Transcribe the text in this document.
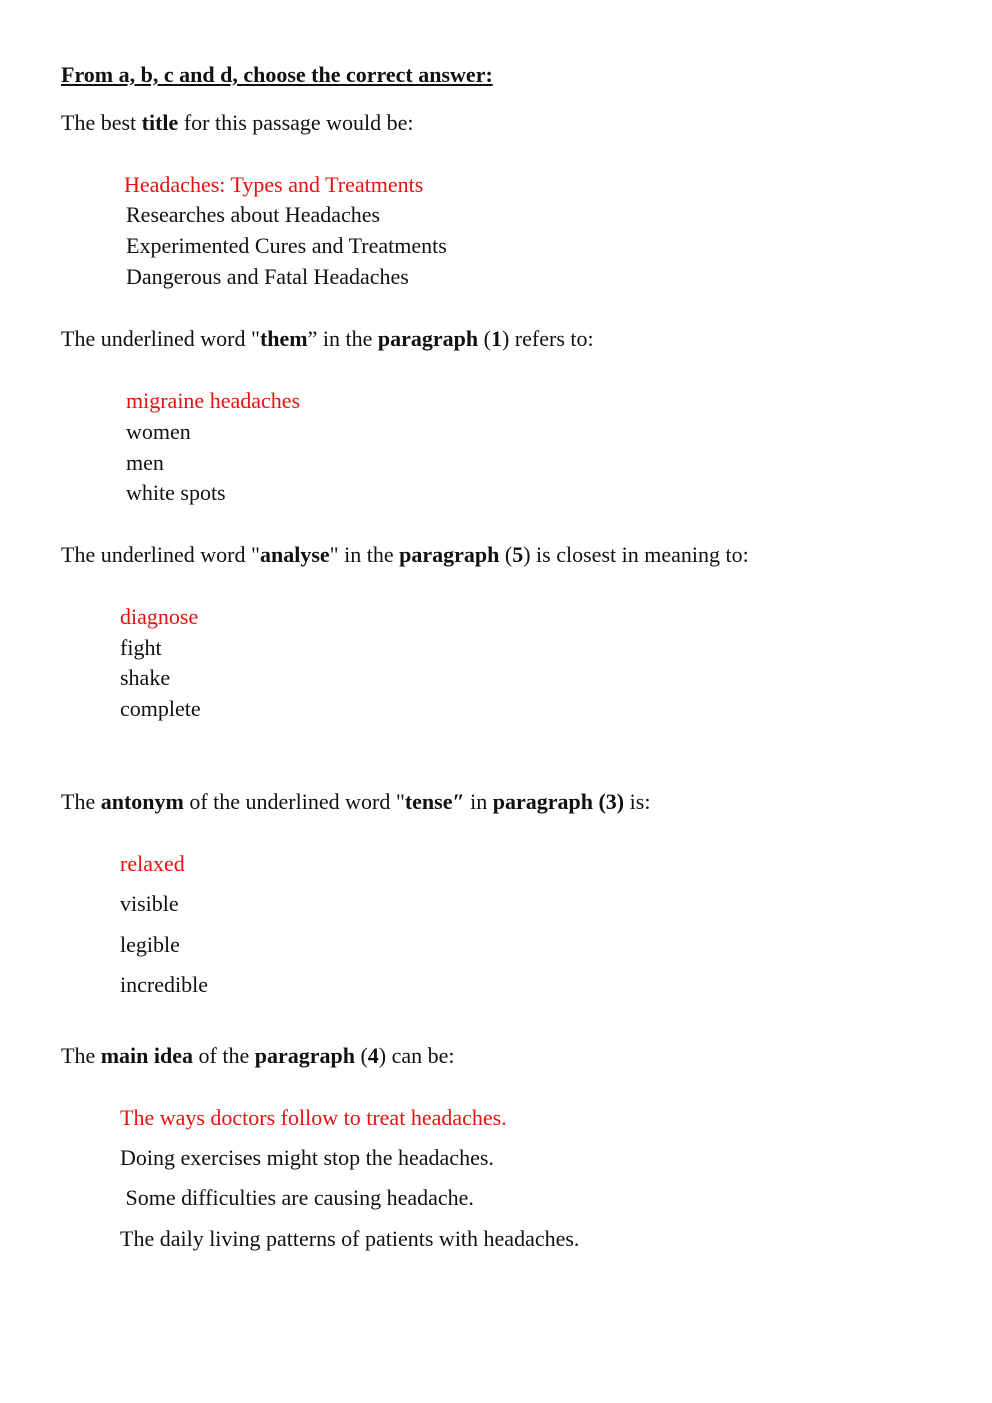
From a, b, c and d, choose the correct answer:
The best title for this passage would be:
Headaches: Types and Treatments
Researches about Headaches
Experimented Cures and Treatments
Dangerous and Fatal Headaches
The underlined word "them” in the paragraph (1) refers to:
migraine headaches
women
men
white spots
The underlined word "analyse" in the paragraph (5) is closest in meaning to:
diagnose
fight
shake
complete
The antonym of the underlined word "tense″ in paragraph (3) is:
relaxed
visible
legible
incredible
The main idea of the paragraph (4) can be:
The ways doctors follow to treat headaches.
Doing exercises might stop the headaches.
Some difficulties are causing headache.
The daily living patterns of patients with headaches.
